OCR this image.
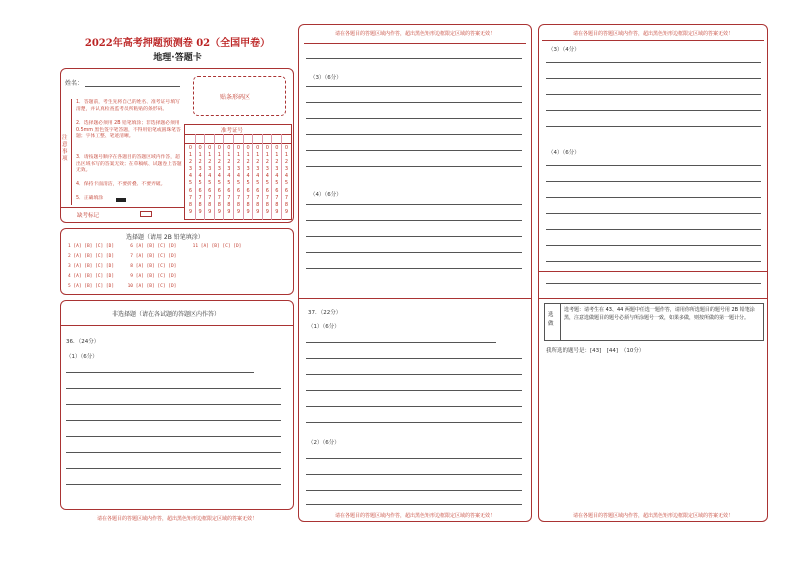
2022年高考押题预测卷 02（全国甲卷）
地理·答题卡
姓名：
贴条形码区
注意事项
1．答题前，考生先将自己的姓名、准考证号填写清楚，并认真检查监考员所粘贴的条形码。
2．选择题必须用 2B 铅笔填涂；非选择题必须用 0.5mm 黑色签字笔答题，不得用铅笔或圆珠笔答题；字体工整、笔迹清晰。
3．请按题号顺序在各题目的答题区域内作答，超出区域书写的答案无效；在草稿纸、试题卷上答题无效。
4．保持卡面清洁，不要折叠、不要弄破。
5．正确填涂
准考证号
0
1
2
3
4
5
6
7
8
9
0
1
2
3
4
5
6
7
8
9
0
1
2
3
4
5
6
7
8
9
0
1
2
3
4
5
6
7
8
9
0
1
2
3
4
5
6
7
8
9
0
1
2
3
4
5
6
7
8
9
0
1
2
3
4
5
6
7
8
9
0
1
2
3
4
5
6
7
8
9
0
1
2
3
4
5
6
7
8
9
0
1
2
3
4
5
6
7
8
9
0
1
2
3
4
5
6
7
8
9
缺考标记
选择题（请用 2B 铅笔填涂）
1 [A] [B] [C] [D]      6 [A] [B] [C] [D]      11 [A] [B] [C] [D]
2 [A] [B] [C] [D]      7 [A] [B] [C] [D]
3 [A] [B] [C] [D]      8 [A] [B] [C] [D]
4 [A] [B] [C] [D]      9 [A] [B] [C] [D]
5 [A] [B] [C] [D]     10 [A] [B] [C] [D]
非选择题（请在各试题的答题区内作答）
36．（24分）
（1）（6分）
请在各题目的答题区域内作答，超出黑色矩形边框限定区域的答案无效！
请在各题目的答题区域内作答，超出黑色矩形边框限定区域的答案无效！
（3）（6分）
（4）（6分）
37．（22分）
（1）（6分）
（2）（6分）
请在各题目的答题区域内作答，超出黑色矩形边框限定区域的答案无效！
请在各题目的答题区域内作答，超出黑色矩形边框限定区域的答案无效！
（3）（4分）
（4）（6分）
选做
选考题：请考生在 43、44 两题中任选一题作答，请用你所选题目的题号用 2B 铅笔涂黑，注意选做题目的题号必须与所涂题号一致，如果多做，则按所做的第一题计分。
我所选的题号是：[43]　[44]　（10分）
请在各题目的答题区域内作答，超出黑色矩形边框限定区域的答案无效！
